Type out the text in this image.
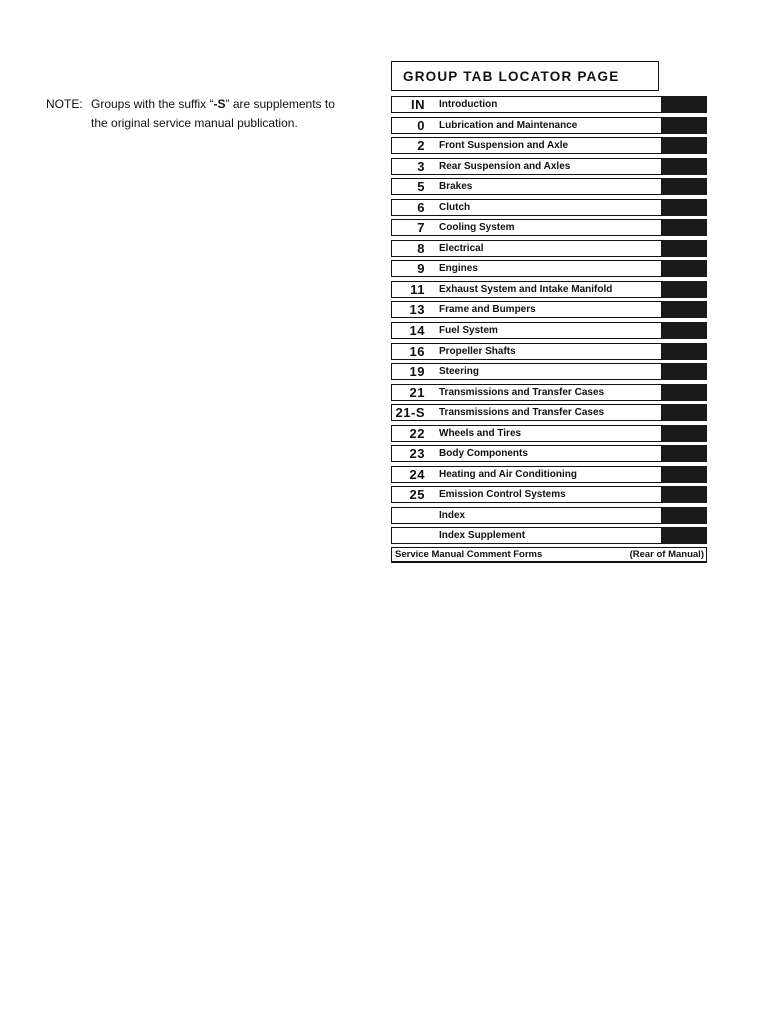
NOTE: Groups with the suffix “-S” are supplements to
the original service manual publication.
GROUP TAB LOCATOR PAGE
IN	Introduction
0	Lubrication and Maintenance
2	Front Suspension and Axle
3	Rear Suspension and Axles
5	Brakes
6	Clutch
7	Cooling System
8	Electrical
9	Engines
11	Exhaust System and Intake Manifold
13	Frame and Bumpers
14	Fuel System
16	Propeller Shafts
19	Steering
21	Transmissions and Transfer Cases
21-S	Transmissions and Transfer Cases
22	Wheels and Tires
23	Body Components
24	Heating and Air Conditioning
25	Emission Control Systems
Index
Index Supplement
Service Manual Comment Forms	(Rear of Manual)
